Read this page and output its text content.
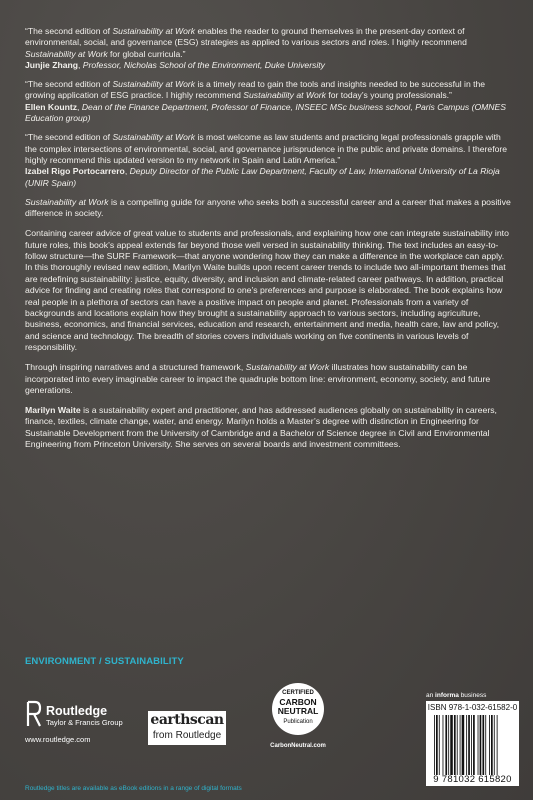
“The second edition of Sustainability at Work enables the reader to ground themselves in the present-day context of environmental, social, and governance (ESG) strategies as applied to various sectors and roles. I highly recommend Sustainability at Work for global curricula.”

Junjie Zhang, Professor, Nicholas School of the Environment, Duke University

“The second edition of Sustainability at Work is a timely read to gain the tools and insights needed to be successful in the growing application of ESG practice. I highly recommend Sustainability at Work for today’s young professionals.”

Ellen Kountz, Dean of the Finance Department, Professor of Finance, INSEEC MSc business school, Paris Campus (OMNES Education group)

“The second edition of Sustainability at Work is most welcome as law students and practicing legal professionals grapple with the complex intersections of environmental, social, and governance jurisprudence in the public and private domains. I therefore highly recommend this updated version to my network in Spain and Latin America.”

Izabel Rigo Portocarrero, Deputy Director of the Public Law Department, Faculty of Law, International University of La Rioja (UNIR Spain)

Sustainability at Work is a compelling guide for anyone who seeks both a successful career and a career that makes a positive difference in society.

Containing career advice of great value to students and professionals, and explaining how one can integrate sustainability into future roles, this book’s appeal extends far beyond those well versed in sustainability thinking. The text includes an easy-to-follow structure—the SURF Framework—that anyone wondering how they can make a difference in the workplace can apply. In this thoroughly revised new edition, Marilyn Waite builds upon recent career trends to include two all-important themes that are redefining sustainability: justice, equity, diversity, and inclusion and climate-related career pathways. In addition, practical advice for finding and creating roles that correspond to one’s preferences and purpose is elaborated. The book explains how real people in a plethora of sectors can have a positive impact on people and planet. Professionals from a variety of backgrounds and locations explain how they brought a sustainability approach to various sectors, including agriculture, business, economics, and financial services, education and research, entertainment and media, health care, law and policy, and science and technology. The breadth of stories covers individuals working on five continents in various levels of responsibility.

Through inspiring narratives and a structured framework, Sustainability at Work illustrates how sustainability can be incorporated into every imaginable career to impact the quadruple bottom line: environment, economy, society, and future generations.

Marilyn Waite is a sustainability expert and practitioner, and has addressed audiences globally on sustainability in careers, finance, textiles, climate change, water, and energy. Marilyn holds a Master’s degree with distinction in Engineering for Sustainable Development from the University of Cambridge and a Bachelor of Science degree in Civil and Environmental Engineering from Princeton University. She serves on several boards and investment committees.

ENVIRONMENT / SUSTAINABILITY
Routledge
Taylor & Francis Group
www.routledge.com
earthscan
from Routledge
CERTIFIED
CARBON NEUTRAL
Publication
CarbonNeutral.com
an informa business
ISBN 978-1-032-61582-0
9 781032 615820
Routledge titles are available as eBook editions in a range of digital formats
